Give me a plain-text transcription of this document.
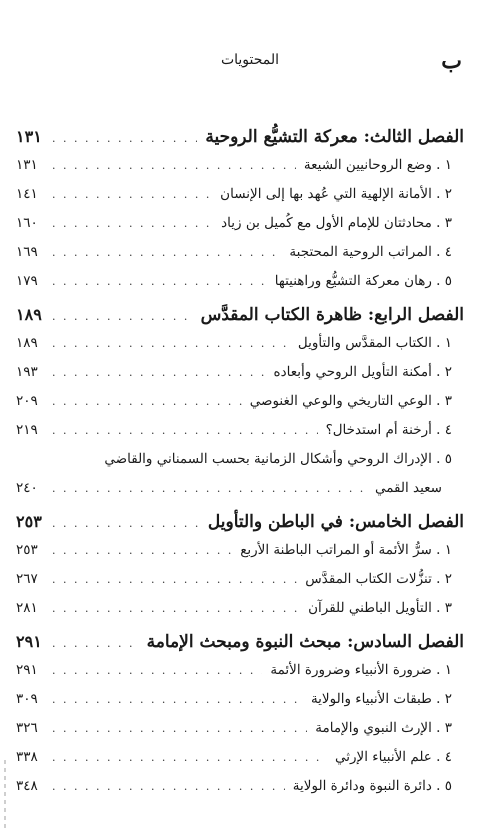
ب
المحتويات
الفصل الثالث: معركة التشيُّع الروحية
. . .
١٣١
١ . وضع الروحانيين الشيعة
. . .
١٣١
٢ . الأمانة الإلهية التي عُهد بها إلى الإنسان
. . .
١٤١
٣ . محادثتان للإمام الأول مع كُميل بن زياد
. . .
١٦٠
٤ . المراتب الروحية المحتجبة
. . .
١٦٩
٥ . رهان معركة التشيُّع وراهنيتها
. . .
١٧٩
الفصل الرابع: ظاهرة الكتاب المقدَّس
. . .
١٨٩
١ . الكتاب المقدَّس والتأويل
. . .
١٨٩
٢ . أمكنة التأويل الروحي وأبعاده
. . .
١٩٣
٣ . الوعي التاريخي والوعي الغنوصي
. . .
٢٠٩
٤ . أرخنة أم استدخال؟
. . .
٢١٩
٥ . الإدراك الروحي وأشكال الزمانية بحسب السمناني والقاضي
سعيد القمي
. . .
٢٤٠
الفصل الخامس: في الباطن والتأويل
. . .
٢٥٣
١ . سرُّ الأئمة أو المراتب الباطنة الأربع
. . .
٢٥٣
٢ . تنزُّلات الكتاب المقدَّس
. . .
٢٦٧
٣ . التأويل الباطني للقرآن
. . .
٢٨١
الفصل السادس: مبحث النبوة ومبحث الإمامة
. . .
٢٩١
١ . ضرورة الأنبياء وضرورة الأئمة
. . .
٢٩١
٢ . طبقات الأنبياء والولاية
. . .
٣٠٩
٣ . الإرث النبوي والإمامة
. . .
٣٢٦
٤ . علم الأنبياء الإرثي
. . .
٣٣٨
٥ . دائرة النبوة ودائرة الولاية
. . .
٣٤٨
